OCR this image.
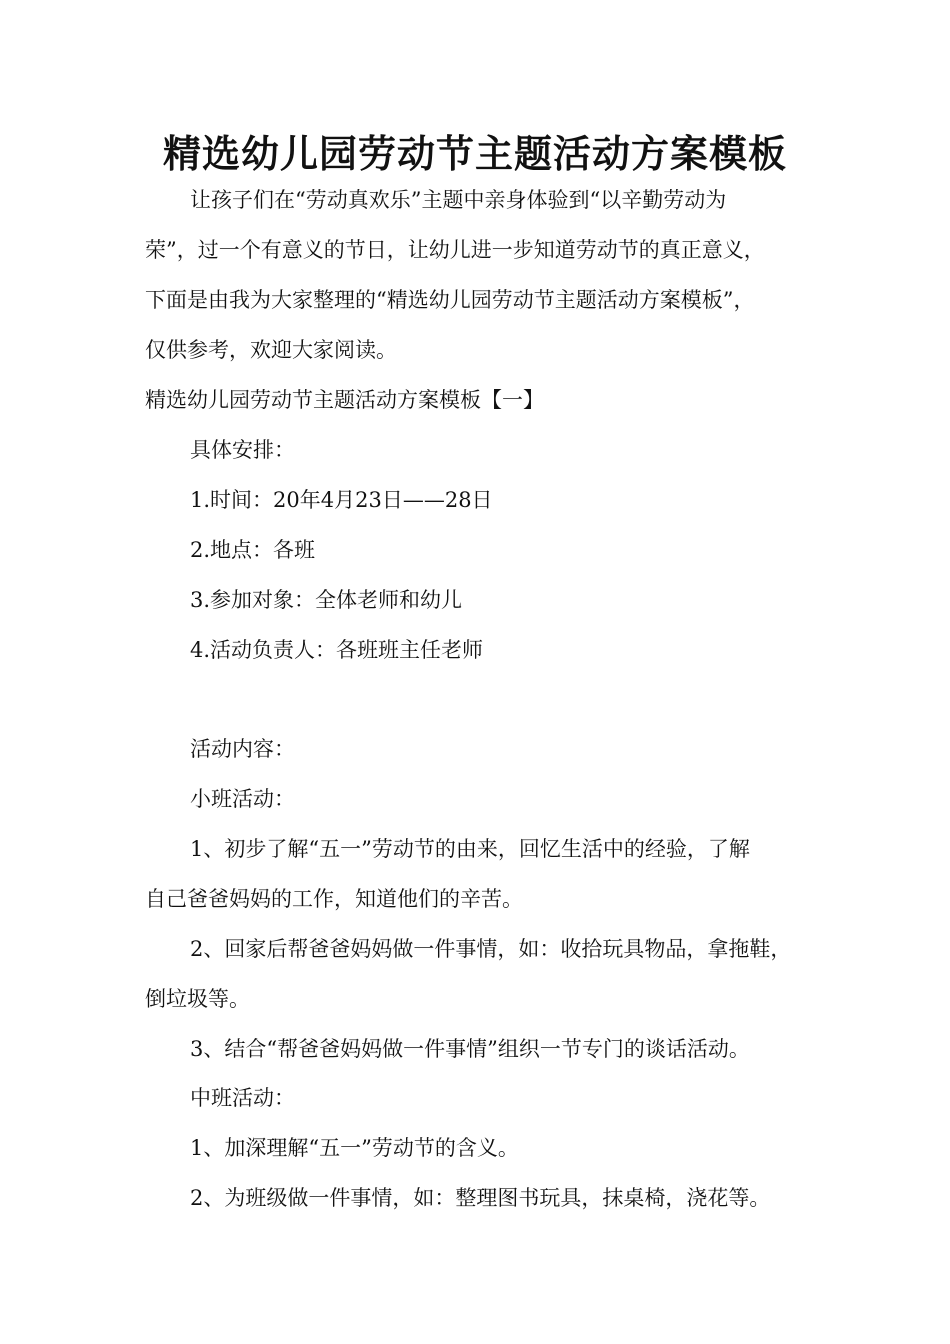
精选幼儿园劳动节主题活动方案模板
让孩子们在“劳动真欢乐”主题中亲身体验到“以辛勤劳动为
荣”，过一个有意义的节日，让幼儿进一步知道劳动节的真正意义，
下面是由我为大家整理的“精选幼儿园劳动节主题活动方案模板”，
仅供参考，欢迎大家阅读。
精选幼儿园劳动节主题活动方案模板【一】
具体安排：
1.时间：20年4月23日——28日
2.地点：各班
3.参加对象：全体老师和幼儿
4.活动负责人：各班班主任老师
活动内容：
小班活动：
1、初步了解“五一”劳动节的由来，回忆生活中的经验，了解
自己爸爸妈妈的工作，知道他们的辛苦。
2、回家后帮爸爸妈妈做一件事情，如：收拾玩具物品，拿拖鞋，
倒垃圾等。
3、结合“帮爸爸妈妈做一件事情”组织一节专门的谈话活动。
中班活动：
1、加深理解“五一”劳动节的含义。
2、为班级做一件事情，如：整理图书玩具，抹桌椅，浇花等。
